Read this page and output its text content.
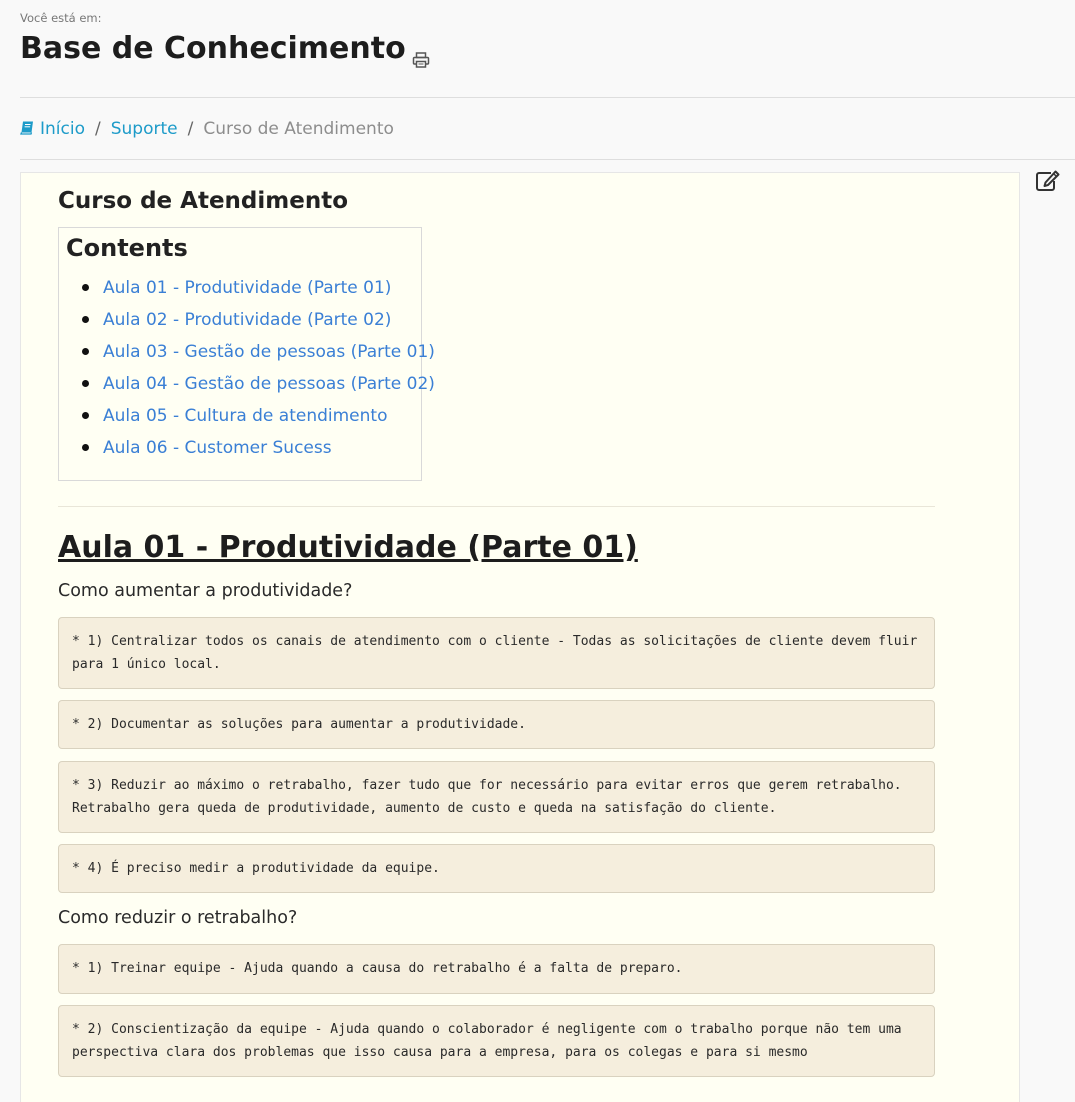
Você está em:
Base de Conhecimento
Início / Suporte / Curso de Atendimento
Curso de Atendimento
Contents
Aula 01 - Produtividade (Parte 01)
Aula 02 - Produtividade (Parte 02)
Aula 03 - Gestão de pessoas (Parte 01)
Aula 04 - Gestão de pessoas (Parte 02)
Aula 05 - Cultura de atendimento
Aula 06 - Customer Sucess
Aula 01 - Produtividade (Parte 01)

Como aumentar a produtividade?

* 1) Centralizar todos os canais de atendimento com o cliente - Todas as solicitações de cliente devem fluir para 1 único local.
* 2) Documentar as soluções para aumentar a produtividade.
* 3) Reduzir ao máximo o retrabalho, fazer tudo que for necessário para evitar erros que gerem retrabalho. Retrabalho gera queda de produtividade, aumento de custo e queda na satisfação do cliente.
* 4) É preciso medir a produtividade da equipe.

Como reduzir o retrabalho?

* 1) Treinar equipe - Ajuda quando a causa do retrabalho é a falta de preparo.
* 2) Conscientização da equipe - Ajuda quando o colaborador é negligente com o trabalho porque não tem uma perspectiva clara dos problemas que isso causa para a empresa, para os colegas e para si mesmo
